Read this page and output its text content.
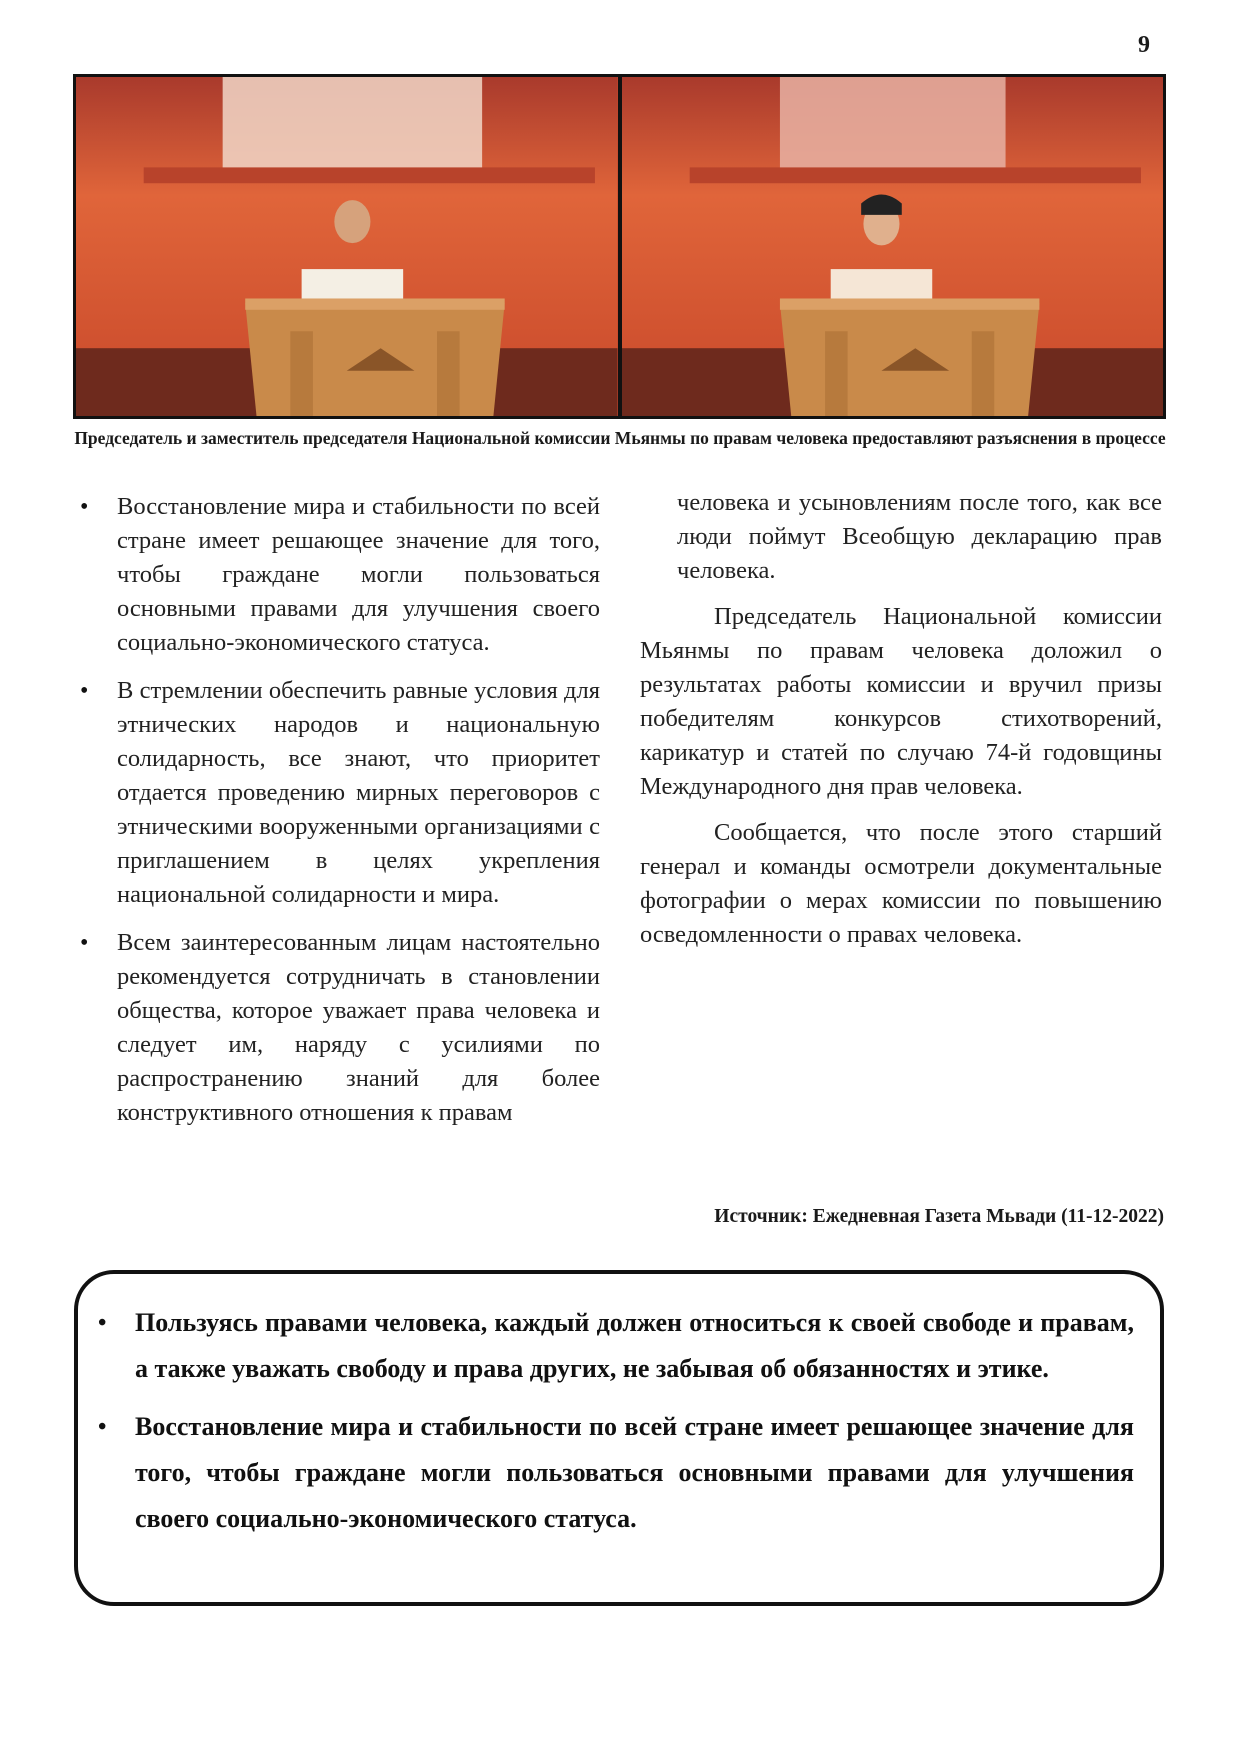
9
Председатель и заместитель председателя Национальной комиссии Мьянмы по правам человека предоставляют разъяснения в процессе
• Восстановление мира и стабильности по всей стране имеет решающее значение для того, чтобы граждане могли пользоваться основными правами для улучшения своего социально-экономического статуса.
• В стремлении обеспечить равные условия для этнических народов и национальную солидарность, все знают, что приоритет отдается проведению мирных переговоров с этническими вооруженными организациями с приглашением в целях укрепления национальной солидарности и мира.
• Всем заинтересованным лицам настоятельно рекомендуется сотрудничать в становлении общества, которое уважает права человека и следует им, наряду с усилиями по распространению знаний для более конструктивного отношения к правам

человека и усыновлениям после того, как все люди поймут Всеобщую декларацию прав человека.

Председатель Национальной комиссии Мьянмы по правам человека доложил о результатах работы комиссии и вручил призы победителям конкурсов стихотворений, карикатур и статей по случаю 74-й годовщины Международного дня прав человека.

Сообщается, что после этого старший генерал и команды осмотрели документальные фотографии о мерах комиссии по повышению осведомленности о правах человека.

Источник: Ежедневная Газета Мьвади (11-12-2022)
• Пользуясь правами человека, каждый должен относиться к своей свободе и правам, а также уважать свободу и права других, не забывая об обязанностях и этике.
• Восстановление мира и стабильности по всей стране имеет решающее значение для того, чтобы граждане могли пользоваться основными правами для улучшения своего социально-экономического статуса.
